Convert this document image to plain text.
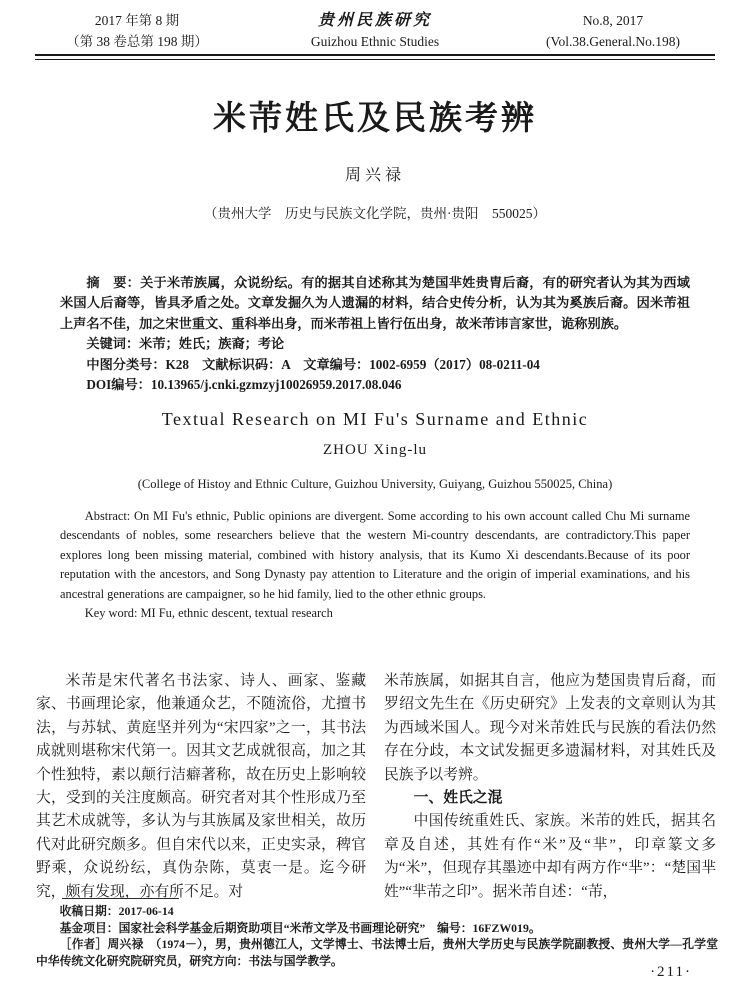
2017 年第 8 期
（第 38 卷总第 198 期）
贵州民族研究
Guizhou Ethnic Studies
No.8, 2017
(Vol.38.General.No.198)
米芾姓氏及民族考辨
周兴禄
（贵州大学　历史与民族文化学院，贵州·贵阳　550025）

摘　要：关于米芾族属，众说纷纭。有的据其自述称其为楚国芈姓贵胄后裔，有的研究者认为其为西域米国人后裔等，皆具矛盾之处。文章发掘久为人遗漏的材料，结合史传分析，认为其为奚族后裔。因米芾祖上声名不佳，加之宋世重文、重科举出身，而米芾祖上皆行伍出身，故米芾讳言家世，诡称别族。

关键词：米芾；姓氏；族裔；考论

中图分类号：K28　文献标识码：A　文章编号：1002-6959（2017）08-0211-04

DOI编号：10.13965/j.cnki.gzmzyj10026959.2017.08.046

Textual Research on MI Fu's Surname and Ethnic
ZHOU Xing-lu
(College of Histoy and Ethnic Culture, Guizhou University, Guiyang, Guizhou 550025, China)

Abstract: On MI Fu's ethnic, Public opinions are divergent. Some according to his own account called Chu Mi surname descendants of nobles, some researchers believe that the western Mi-country descendants, are contradictory.This paper explores long been missing material, combined with history analysis, that its Kumo Xi descendants.Because of its poor reputation with the ancestors, and Song Dynasty pay attention to Literature and the origin of imperial examinations, and his ancestral generations are campaigner, so he hid family, lied to the other ethnic groups.

Key word: MI Fu, ethnic descent, textual research

米芾是宋代著名书法家、诗人、画家、鉴藏家、书画理论家，他兼通众艺，不随流俗，尤擅书法，与苏轼、黄庭坚并列为“宋四家”之一，其书法成就则堪称宋代第一。因其文艺成就很高，加之其个性独特，素以颠行洁癖著称，故在历史上影响较大，受到的关注度颇高。研究者对其个性形成乃至其艺术成就等，多认为与其族属及家世相关，故历代对此研究颇多。但自宋代以来，正史实录，稗官野乘，众说纷纭，真伪杂陈，莫衷一是。迄今研究，颇有发现，亦有所不足。对

米芾族属，如据其自言，他应为楚国贵胄后裔，而罗绍文先生在《历史研究》上发表的文章则认为其为西域米国人。现今对米芾姓氏与民族的看法仍然存在分歧，本文试发掘更多遗漏材料，对其姓氏及民族予以考辨。

一、姓氏之混

中国传统重姓氏、家族。米芾的姓氏，据其名章及自述，其姓有作“米”及“芈”，印章篆文多为“米”，但现存其墨迹中却有两方作“芈”：“楚国芈姓”“芈芾之印”。据米芾自述：“芾，

收稿日期：2017-06-14

基金项目：国家社会科学基金后期资助项目“米芾文学及书画理论研究”　编号：16FZW019。

［作者］周兴禄　（1974－），男，贵州德江人，文学博士、书法博士后，贵州大学历史与民族学院副教授、贵州大学—孔学堂中华传统文化研究院研究员，研究方向：书法与国学教学。

·211·
